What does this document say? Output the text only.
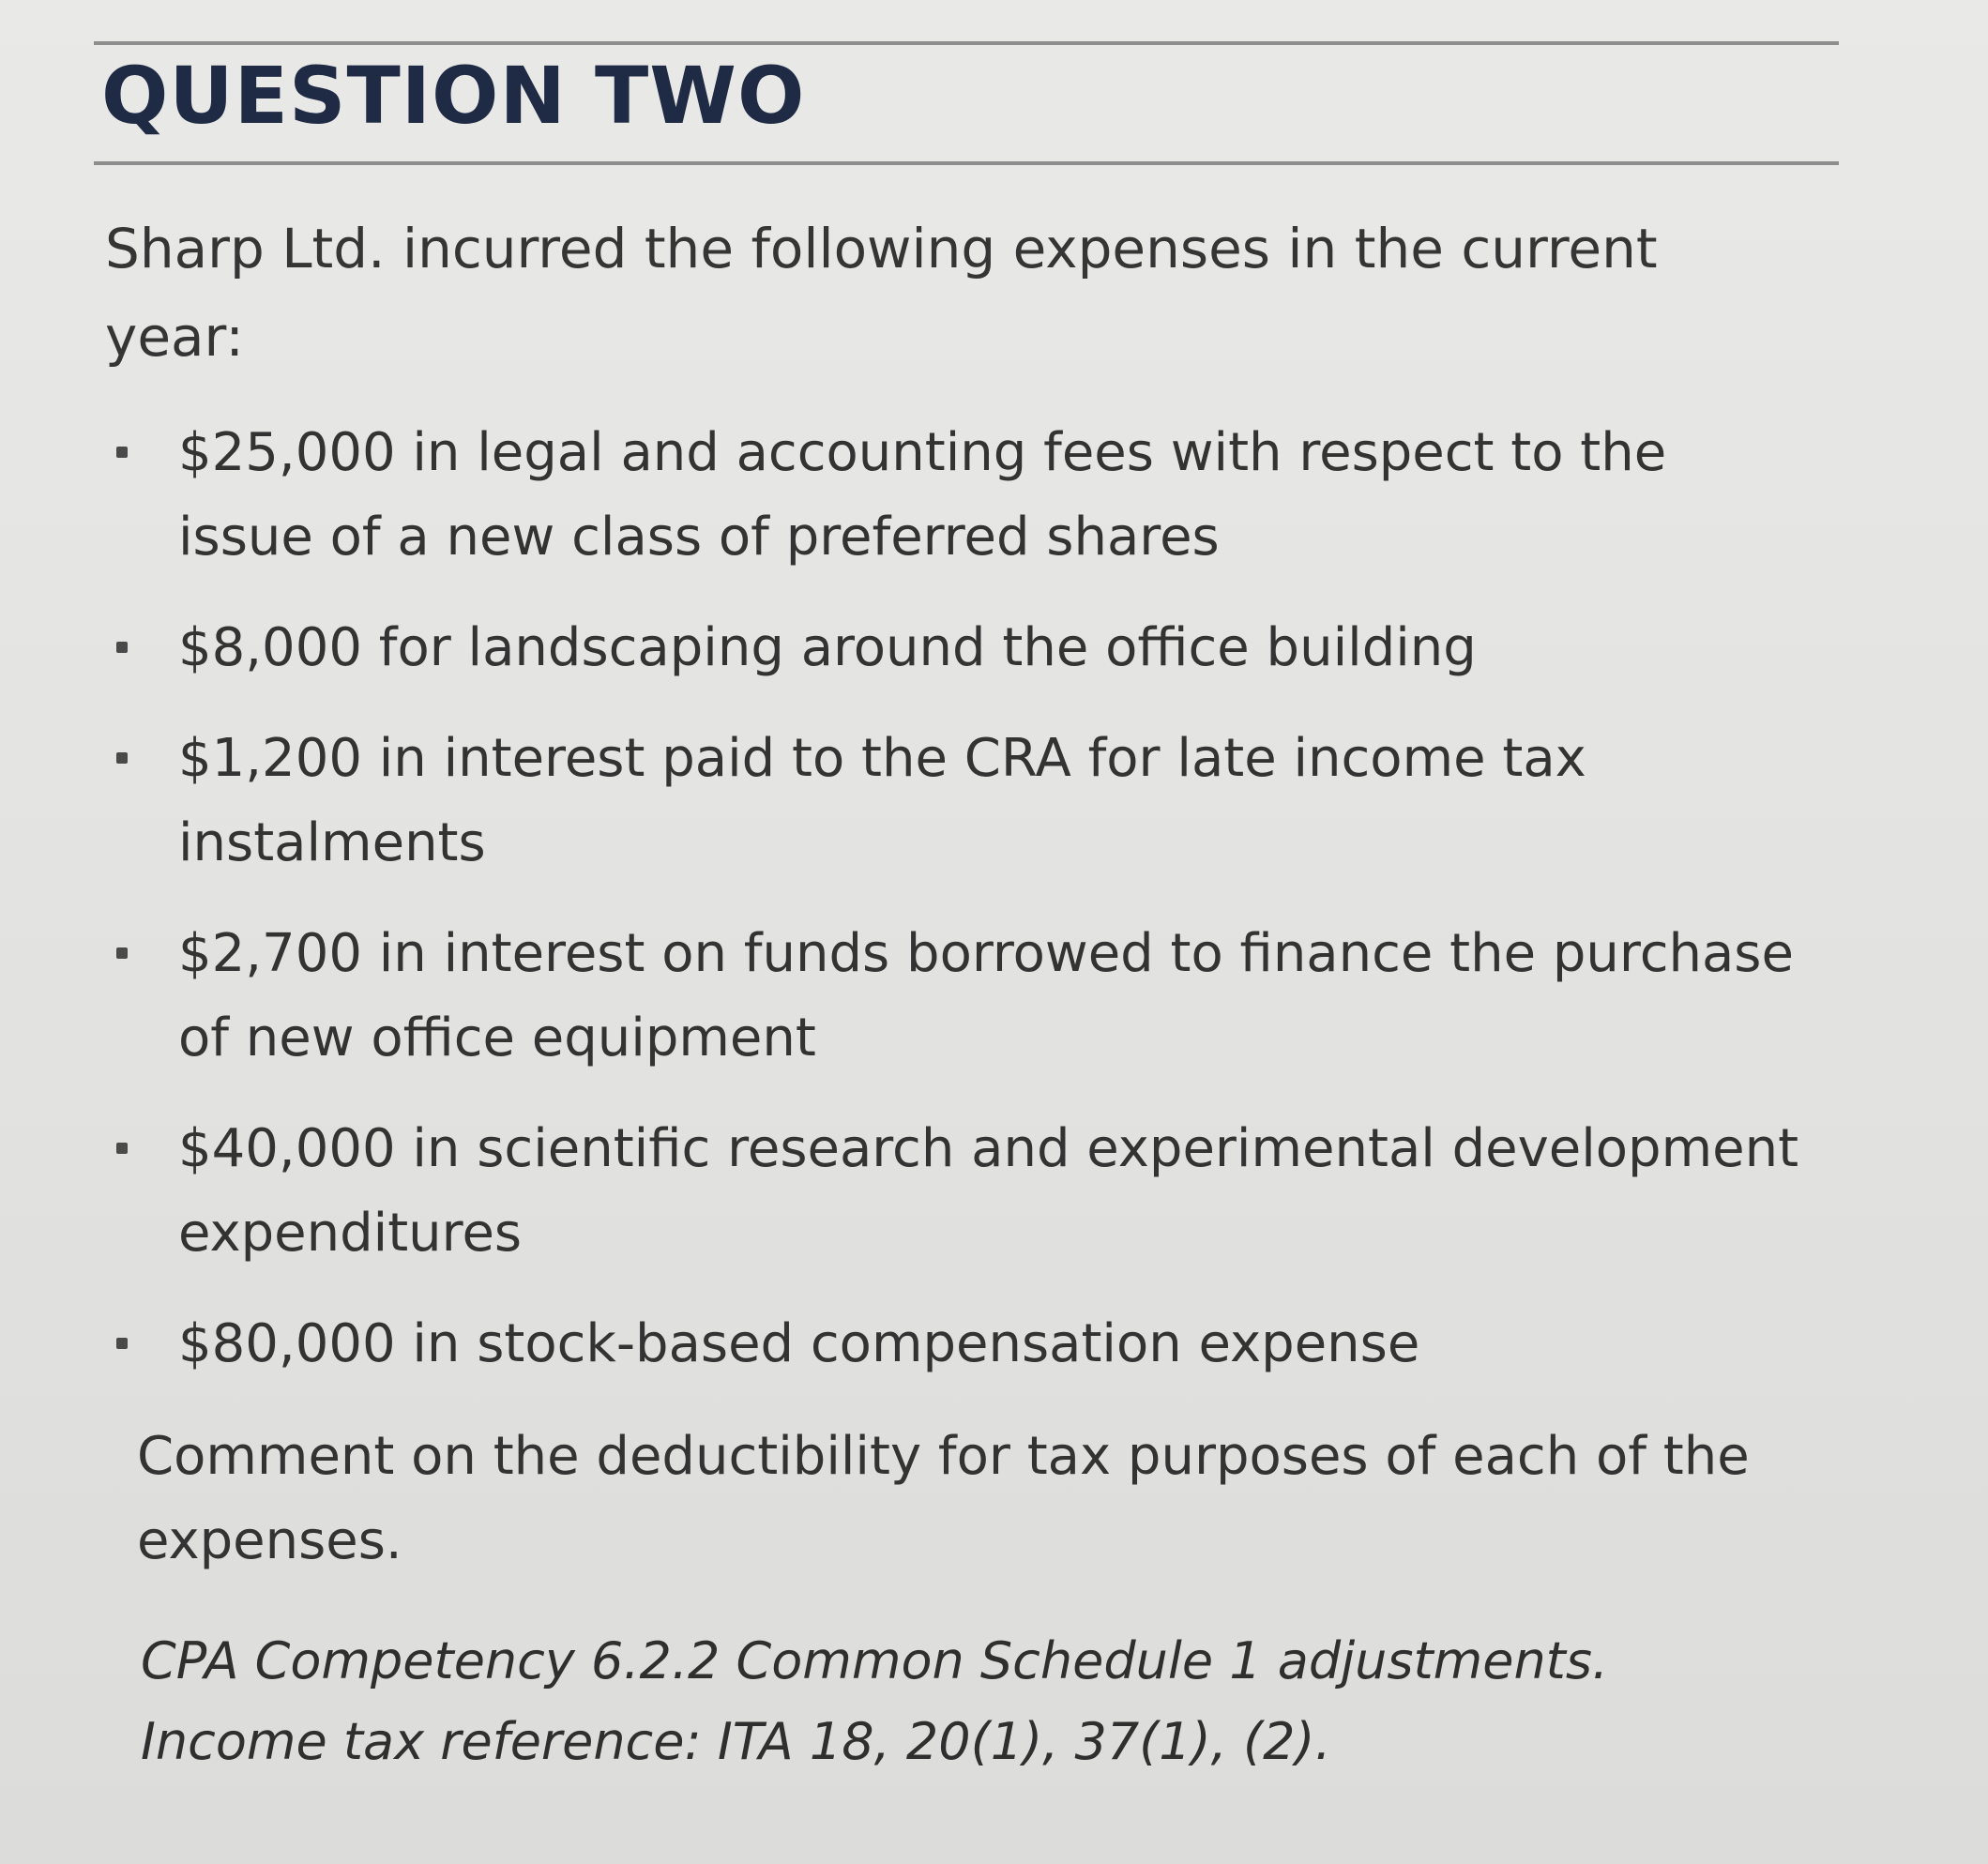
QUESTION TWO

Sharp Ltd. incurred the following expenses in the current year:

$25,000 in legal and accounting fees with respect to the issue of a new class of preferred shares
$8,000 for landscaping around the office building
$1,200 in interest paid to the CRA for late income tax instalments
$2,700 in interest on funds borrowed to finance the purchase of new office equipment
$40,000 in scientific research and experimental development expenditures
$80,000 in stock-based compensation expense

Comment on the deductibility for tax purposes of each of the expenses.

CPA Competency 6.2.2 Common Schedule 1 adjustments. Income tax reference: ITA 18, 20(1), 37(1), (2).
